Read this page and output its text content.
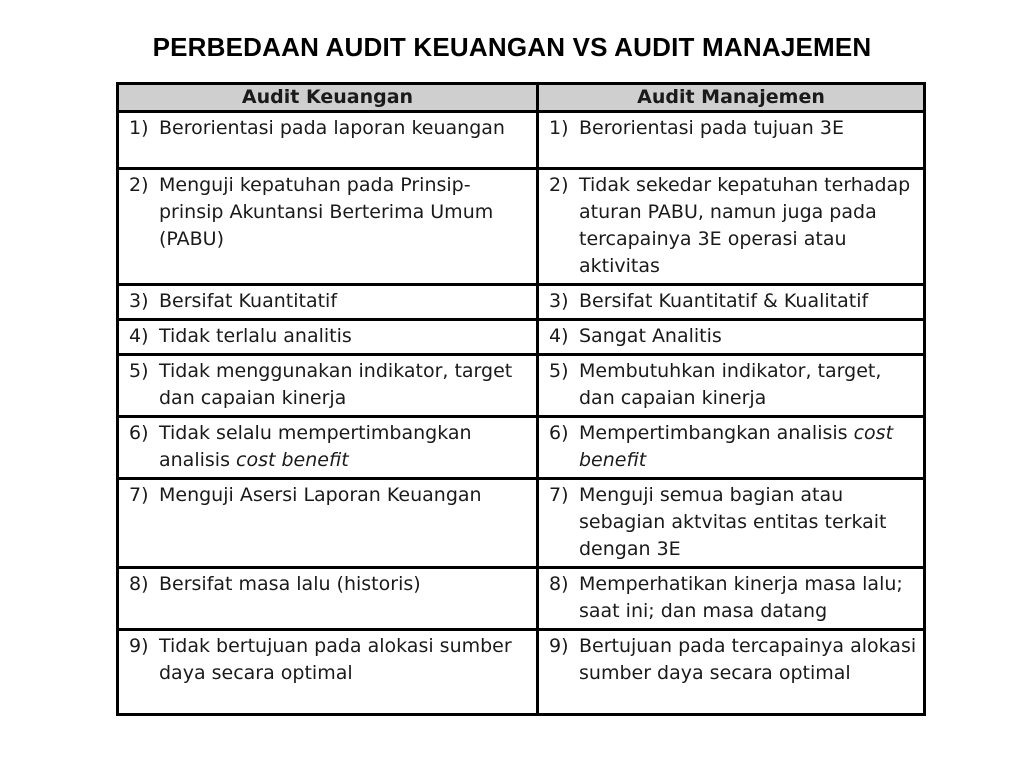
PERBEDAAN AUDIT KEUANGAN VS AUDIT MANAJEMEN
Audit Keuangan	Audit Manajemen

1) Berorientasi pada laporan keuangan	1) Berorientasi pada tujuan 3E

2) Menguji kepatuhan pada Prinsip-prinsip Akuntansi Berterima Umum (PABU)	2) Tidak sekedar kepatuhan terhadap aturan PABU, namun juga pada tercapainya 3E operasi atau aktivitas

3) Bersifat Kuantitatif	3) Bersifat Kuantitatif & Kualitatif

4) Tidak terlalu analitis	4) Sangat Analitis

5) Tidak menggunakan indikator, target dan capaian kinerja	5) Membutuhkan indikator, target, dan capaian kinerja

6) Tidak selalu mempertimbangkan analisis cost benefit	6) Mempertimbangkan analisis cost benefit

7) Menguji Asersi Laporan Keuangan	7) Menguji semua bagian atau sebagian aktvitas entitas terkait dengan 3E

8) Bersifat masa lalu (historis)	8) Memperhatikan kinerja masa lalu; saat ini; dan masa datang

9) Tidak bertujuan pada alokasi sumber daya secara optimal	9) Bertujuan pada tercapainya alokasi sumber daya secara optimal
